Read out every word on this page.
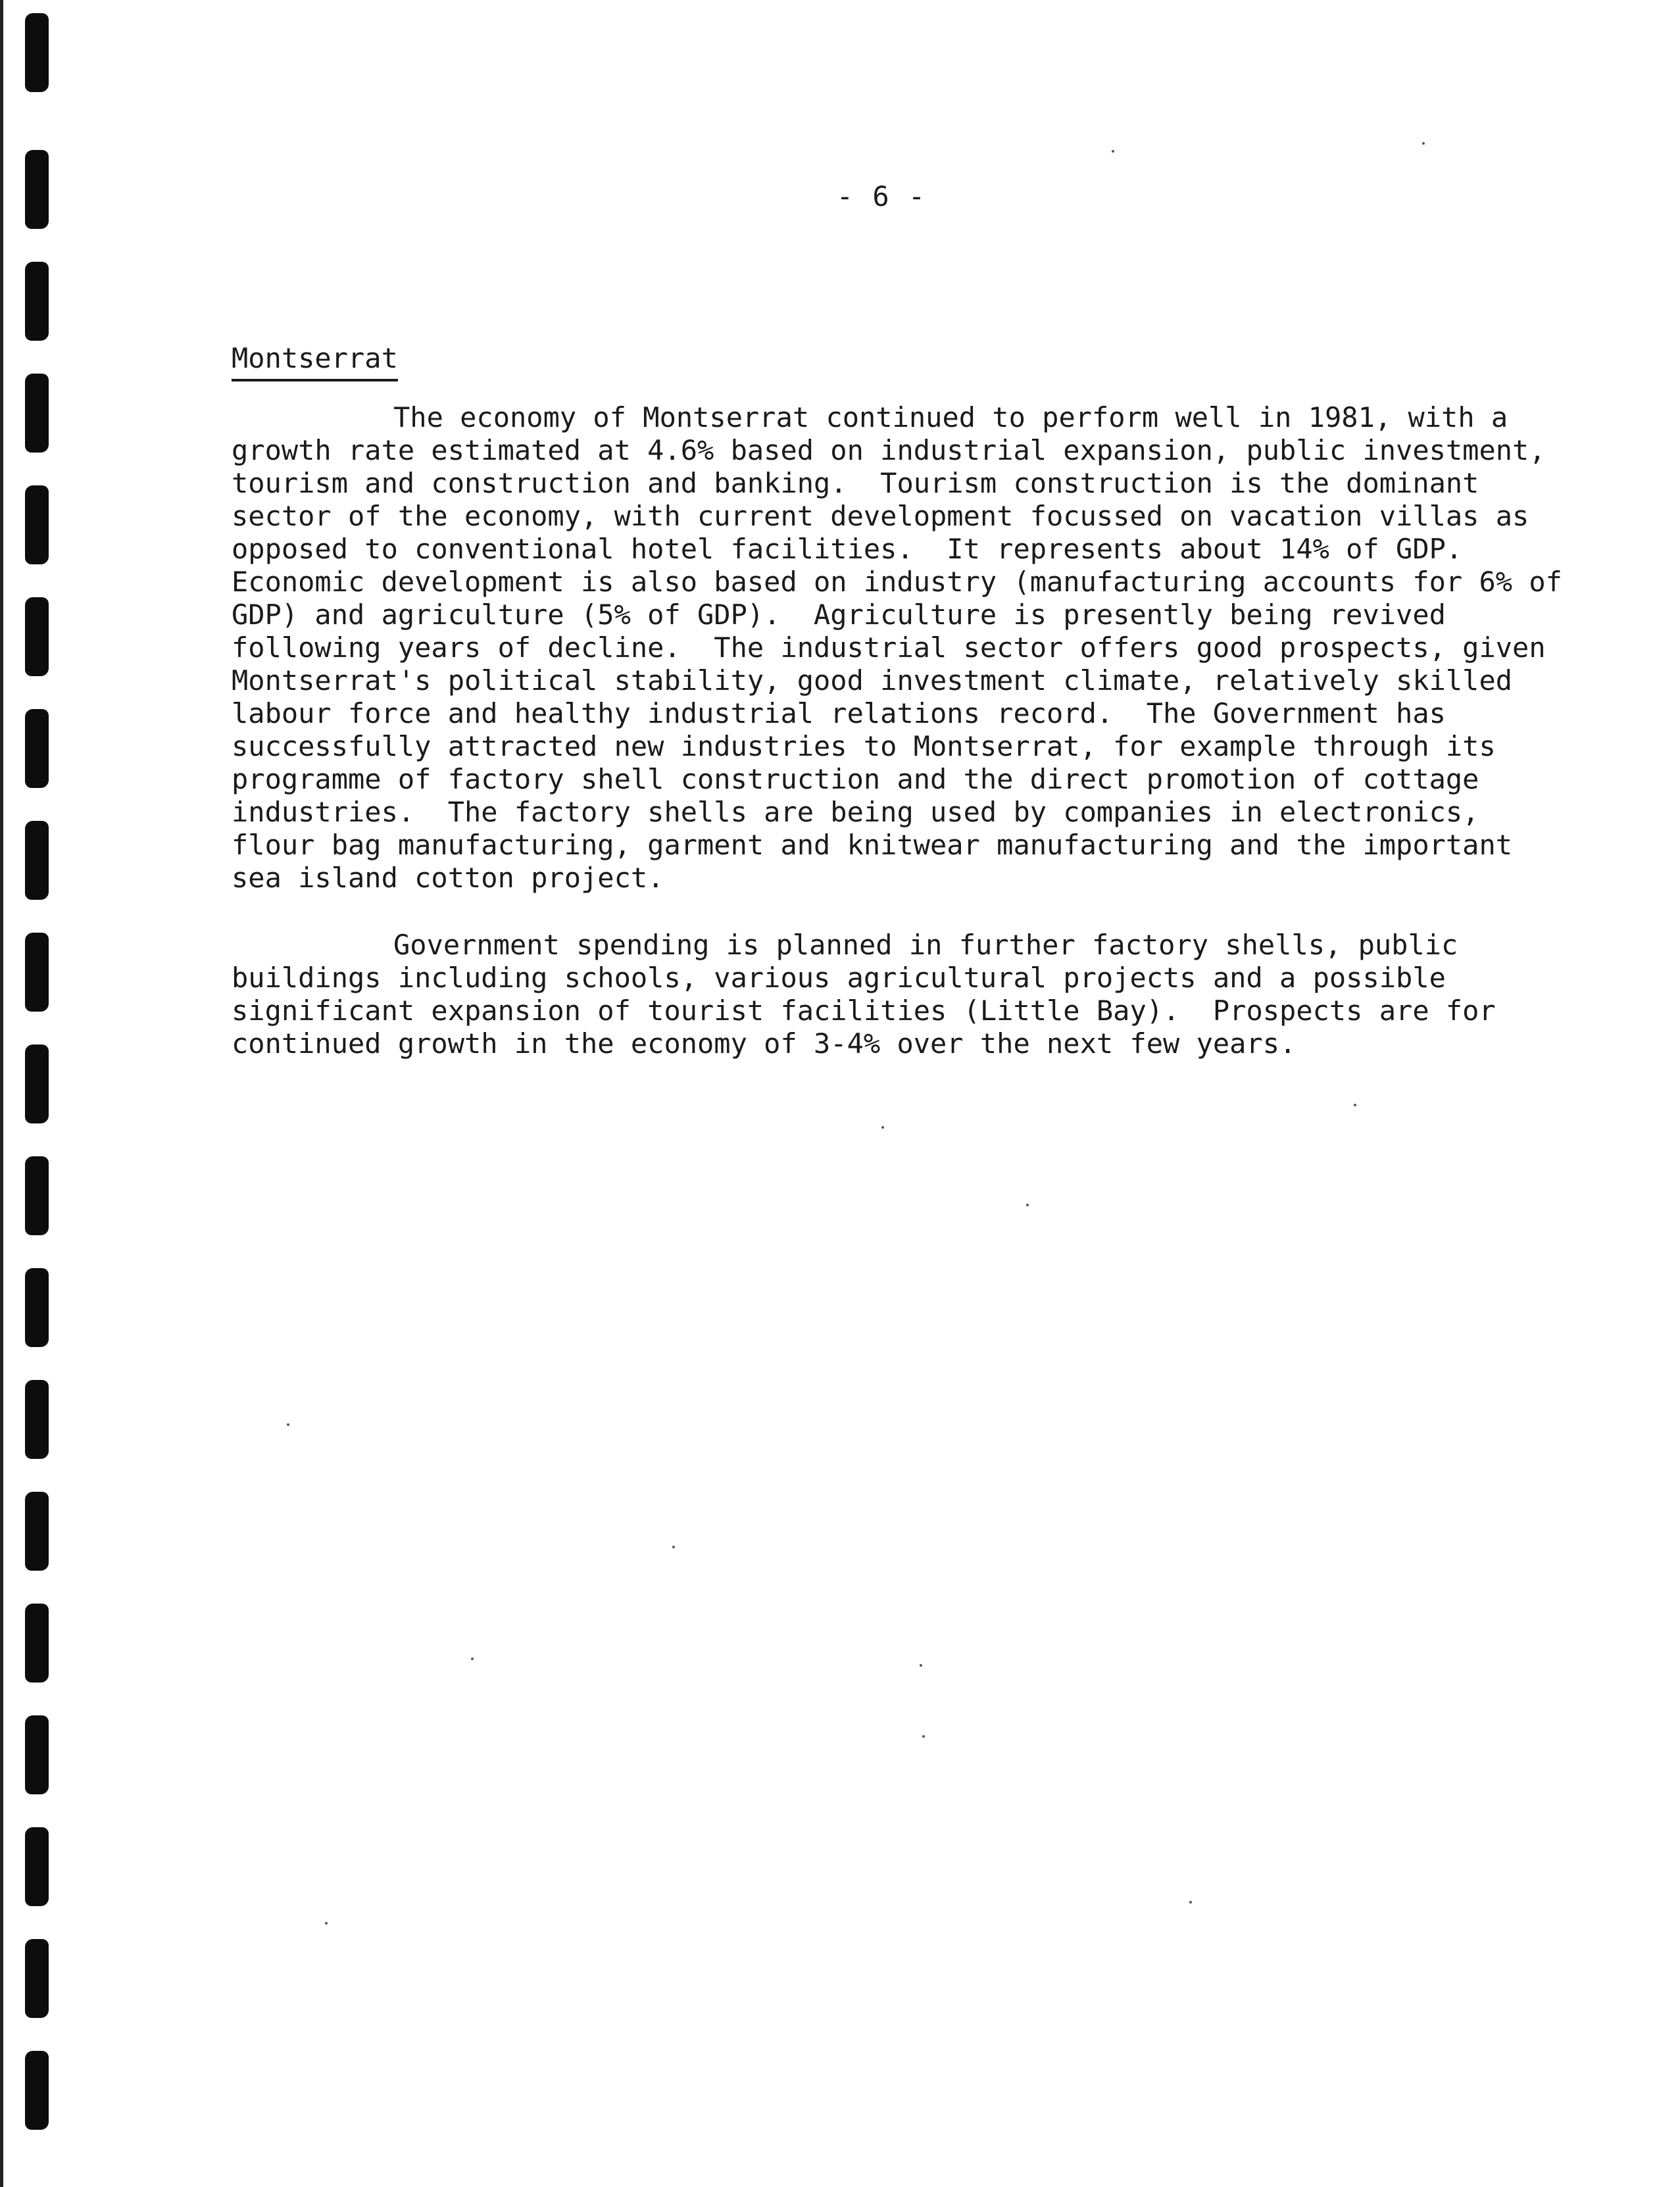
- 6 -
Montserrat
The economy of Montserrat continued to perform well in 1981, with a
growth rate estimated at 4.6% based on industrial expansion, public investment,
tourism and construction and banking.  Tourism construction is the dominant
sector of the economy, with current development focussed on vacation villas as
opposed to conventional hotel facilities.  It represents about 14% of GDP.
Economic development is also based on industry (manufacturing accounts for 6% of
GDP) and agriculture (5% of GDP).  Agriculture is presently being revived
following years of decline.  The industrial sector offers good prospects, given
Montserrat's political stability, good investment climate, relatively skilled
labour force and healthy industrial relations record.  The Government has
successfully attracted new industries to Montserrat, for example through its
programme of factory shell construction and the direct promotion of cottage
industries.  The factory shells are being used by companies in electronics,
flour bag manufacturing, garment and knitwear manufacturing and the important
sea island cotton project.
Government spending is planned in further factory shells, public
buildings including schools, various agricultural projects and a possible
significant expansion of tourist facilities (Little Bay).  Prospects are for
continued growth in the economy of 3-4% over the next few years.
